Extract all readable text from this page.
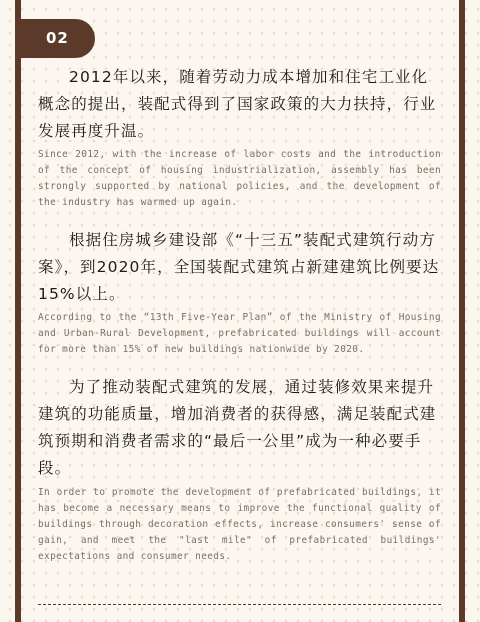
02

2012年以来，随着劳动力成本增加和住宅工业化概念的提出，装配式得到了国家政策的大力扶持，行业发展再度升温。

Since 2012, with the increase of labor costs and the introduction of the concept of housing industrialization, assembly has been strongly supported by national policies, and the development of the industry has warmed up again.

根据住房城乡建设部《“十三五”装配式建筑行动方案》，到2020年，全国装配式建筑占新建建筑比例要达15%以上。

According to the “13th Five-Year Plan” of the Ministry of Housing and Urban-Rural Development, prefabricated buildings will account for more than 15% of new buildings nationwide by 2020.

为了推动装配式建筑的发展，通过装修效果来提升建筑的功能质量，增加消费者的获得感，满足装配式建筑预期和消费者需求的“最后一公里”成为一种必要手段。

In order to promote the development of prefabricated buildings, it has become a necessary means to improve the functional quality of buildings through decoration effects, increase consumers' sense of gain, and meet the "last mile" of prefabricated buildings' expectations and consumer needs.
